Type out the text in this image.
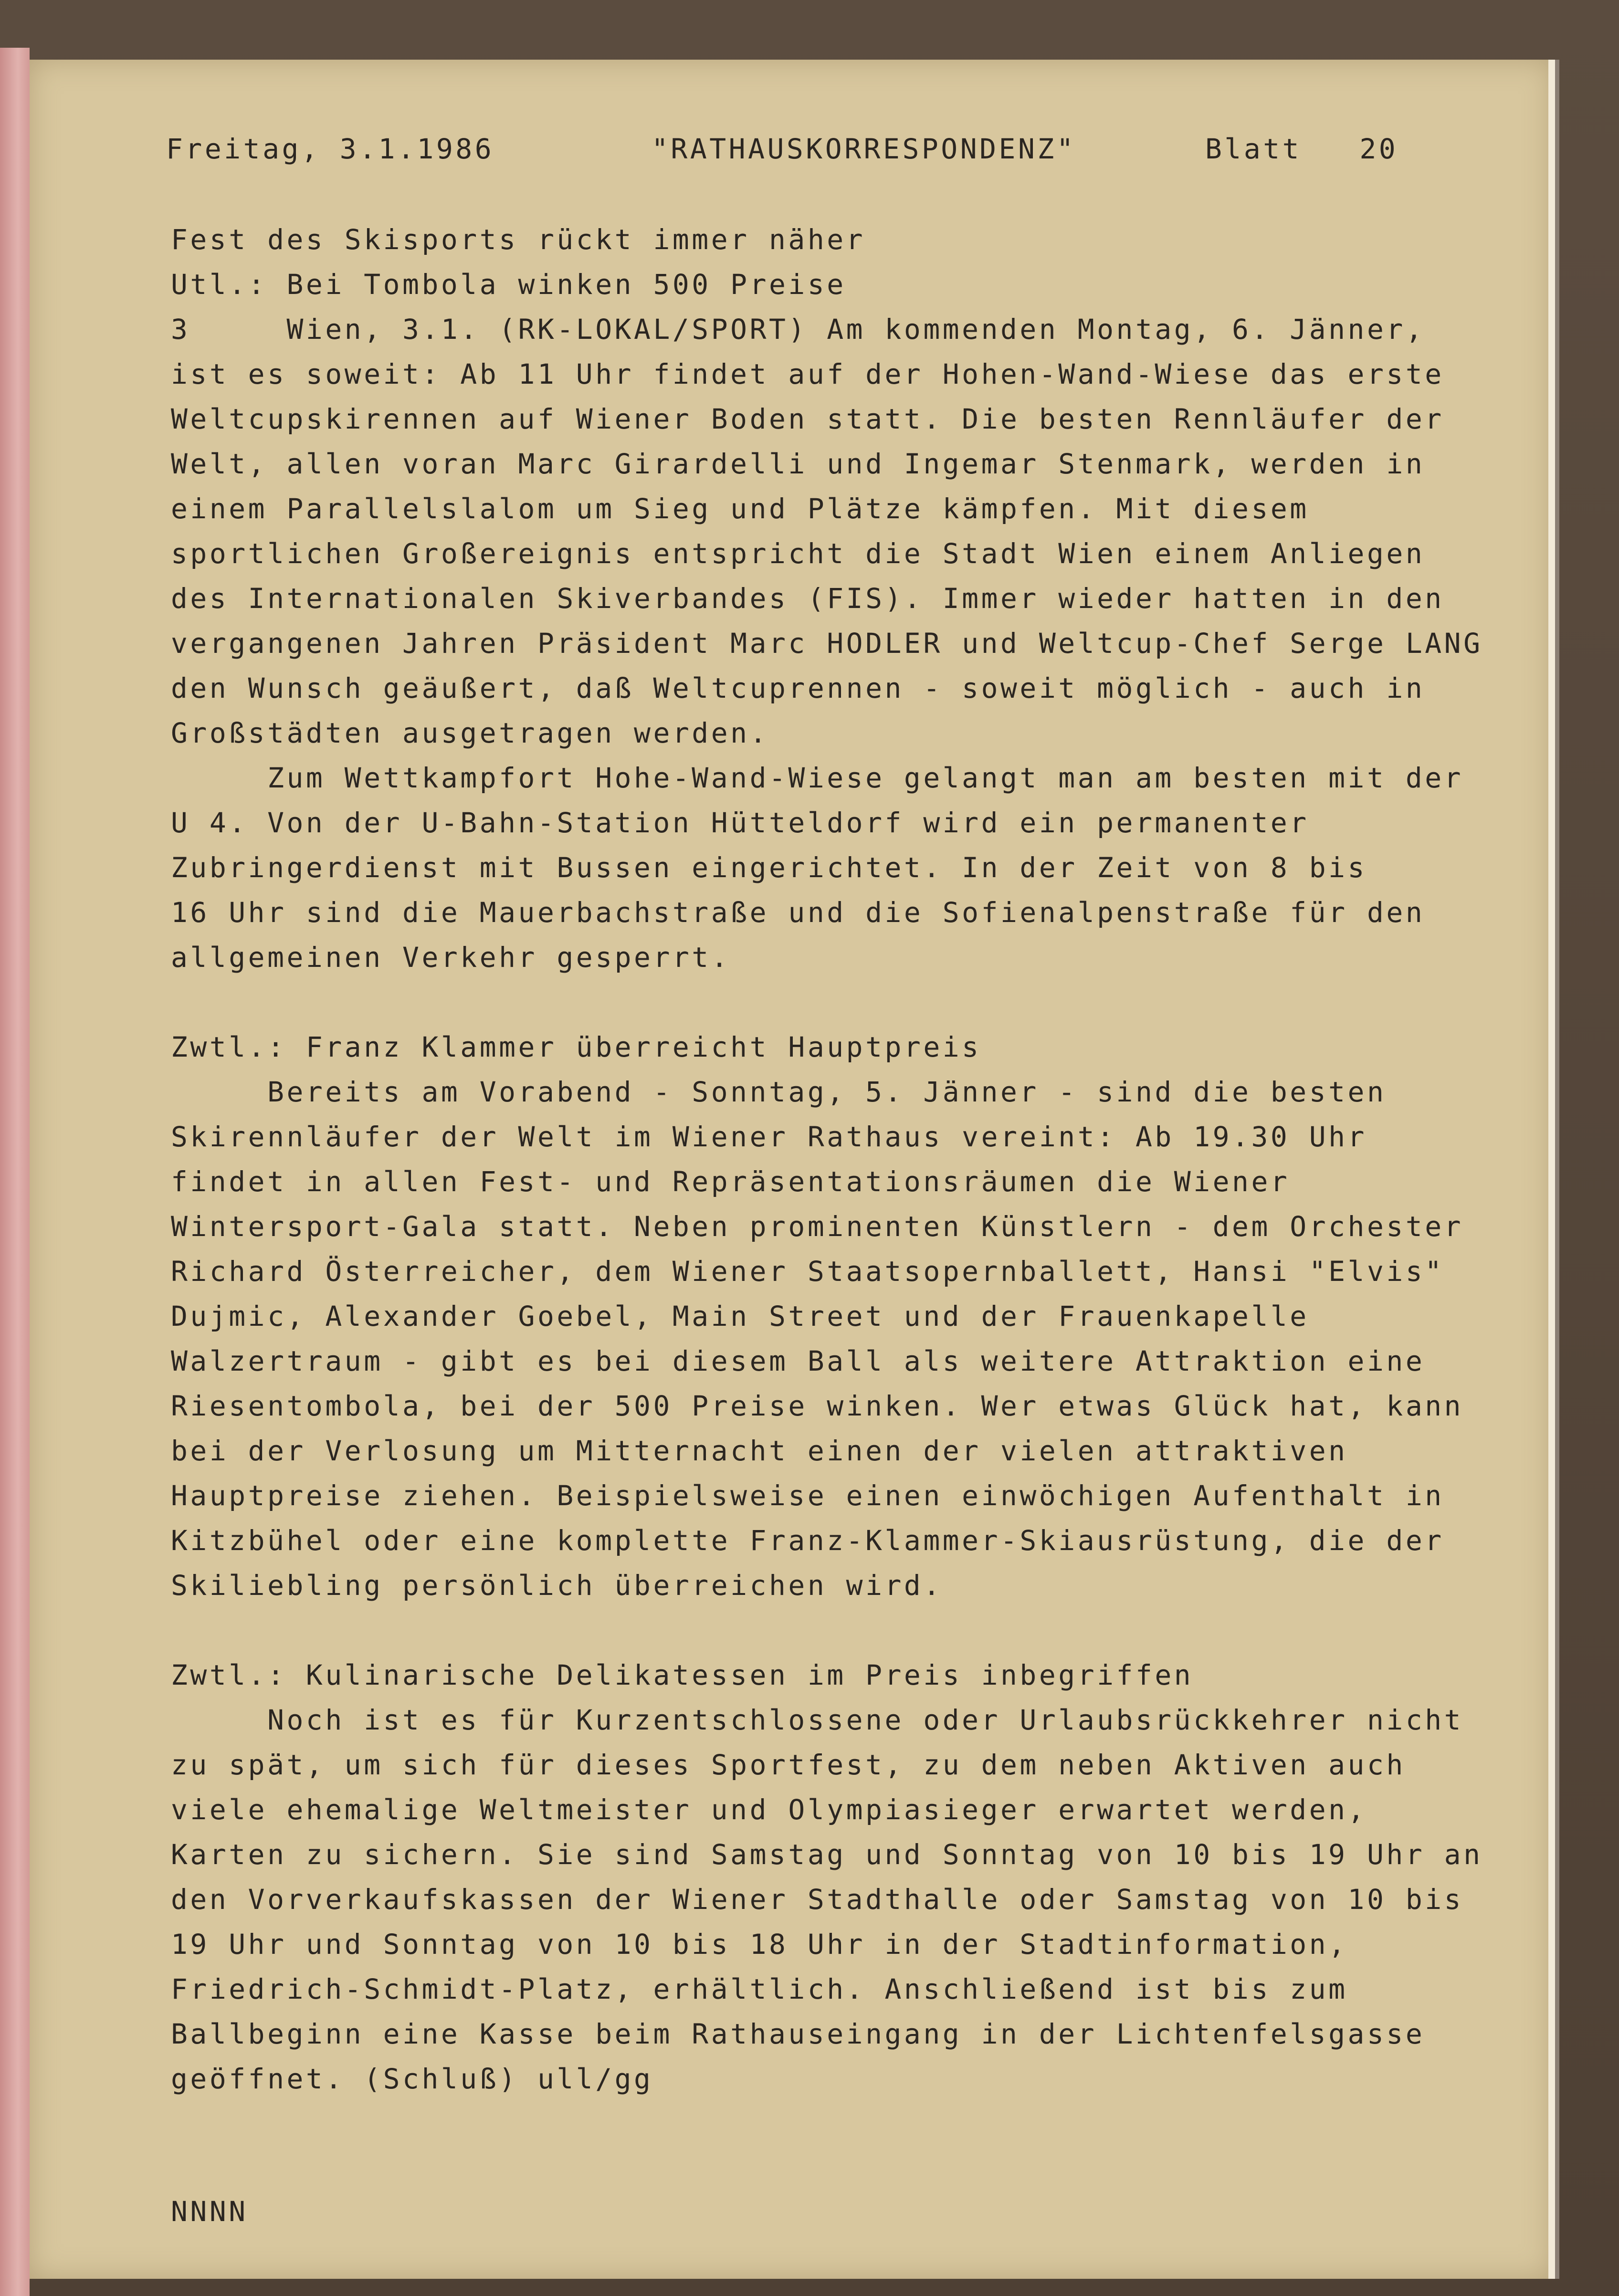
Freitag, 3.1.1986	"RATHAUSKORRESPONDENZ"	Blatt   20
Fest des Skisports rückt immer näher
Utl.: Bei Tombola winken 500 Preise
3     Wien, 3.1. (RK-LOKAL/SPORT) Am kommenden Montag, 6. Jänner,
ist es soweit: Ab 11 Uhr findet auf der Hohen-Wand-Wiese das erste
Weltcupskirennen auf Wiener Boden statt. Die besten Rennläufer der
Welt, allen voran Marc Girardelli und Ingemar Stenmark, werden in
einem Parallelslalom um Sieg und Plätze kämpfen. Mit diesem
sportlichen Großereignis entspricht die Stadt Wien einem Anliegen
des Internationalen Skiverbandes (FIS). Immer wieder hatten in den
vergangenen Jahren Präsident Marc HODLER und Weltcup-Chef Serge LANG
den Wunsch geäußert, daß Weltcuprennen - soweit möglich - auch in
Großstädten ausgetragen werden.
Zum Wettkampfort Hohe-Wand-Wiese gelangt man am besten mit der
U 4. Von der U-Bahn-Station Hütteldorf wird ein permanenter
Zubringerdienst mit Bussen eingerichtet. In der Zeit von 8 bis
16 Uhr sind die Mauerbachstraße und die Sofienalpenstraße für den
allgemeinen Verkehr gesperrt.
Zwtl.: Franz Klammer überreicht Hauptpreis
Bereits am Vorabend - Sonntag, 5. Jänner - sind die besten
Skirennläufer der Welt im Wiener Rathaus vereint: Ab 19.30 Uhr
findet in allen Fest- und Repräsentationsräumen die Wiener
Wintersport-Gala statt. Neben prominenten Künstlern - dem Orchester
Richard Österreicher, dem Wiener Staatsopernballett, Hansi "Elvis"
Dujmic, Alexander Goebel, Main Street und der Frauenkapelle
Walzertraum - gibt es bei diesem Ball als weitere Attraktion eine
Riesentombola, bei der 500 Preise winken. Wer etwas Glück hat, kann
bei der Verlosung um Mitternacht einen der vielen attraktiven
Hauptpreise ziehen. Beispielsweise einen einwöchigen Aufenthalt in
Kitzbühel oder eine komplette Franz-Klammer-Skiausrüstung, die der
Skiliebling persönlich überreichen wird.
Zwtl.: Kulinarische Delikatessen im Preis inbegriffen
Noch ist es für Kurzentschlossene oder Urlaubsrückkehrer nicht
zu spät, um sich für dieses Sportfest, zu dem neben Aktiven auch
viele ehemalige Weltmeister und Olympiasieger erwartet werden,
Karten zu sichern. Sie sind Samstag und Sonntag von 10 bis 19 Uhr an
den Vorverkaufskassen der Wiener Stadthalle oder Samstag von 10 bis
19 Uhr und Sonntag von 10 bis 18 Uhr in der Stadtinformation,
Friedrich-Schmidt-Platz, erhältlich. Anschließend ist bis zum
Ballbeginn eine Kasse beim Rathauseingang in der Lichtenfelsgasse
geöffnet. (Schluß) ull/gg
NNNN
